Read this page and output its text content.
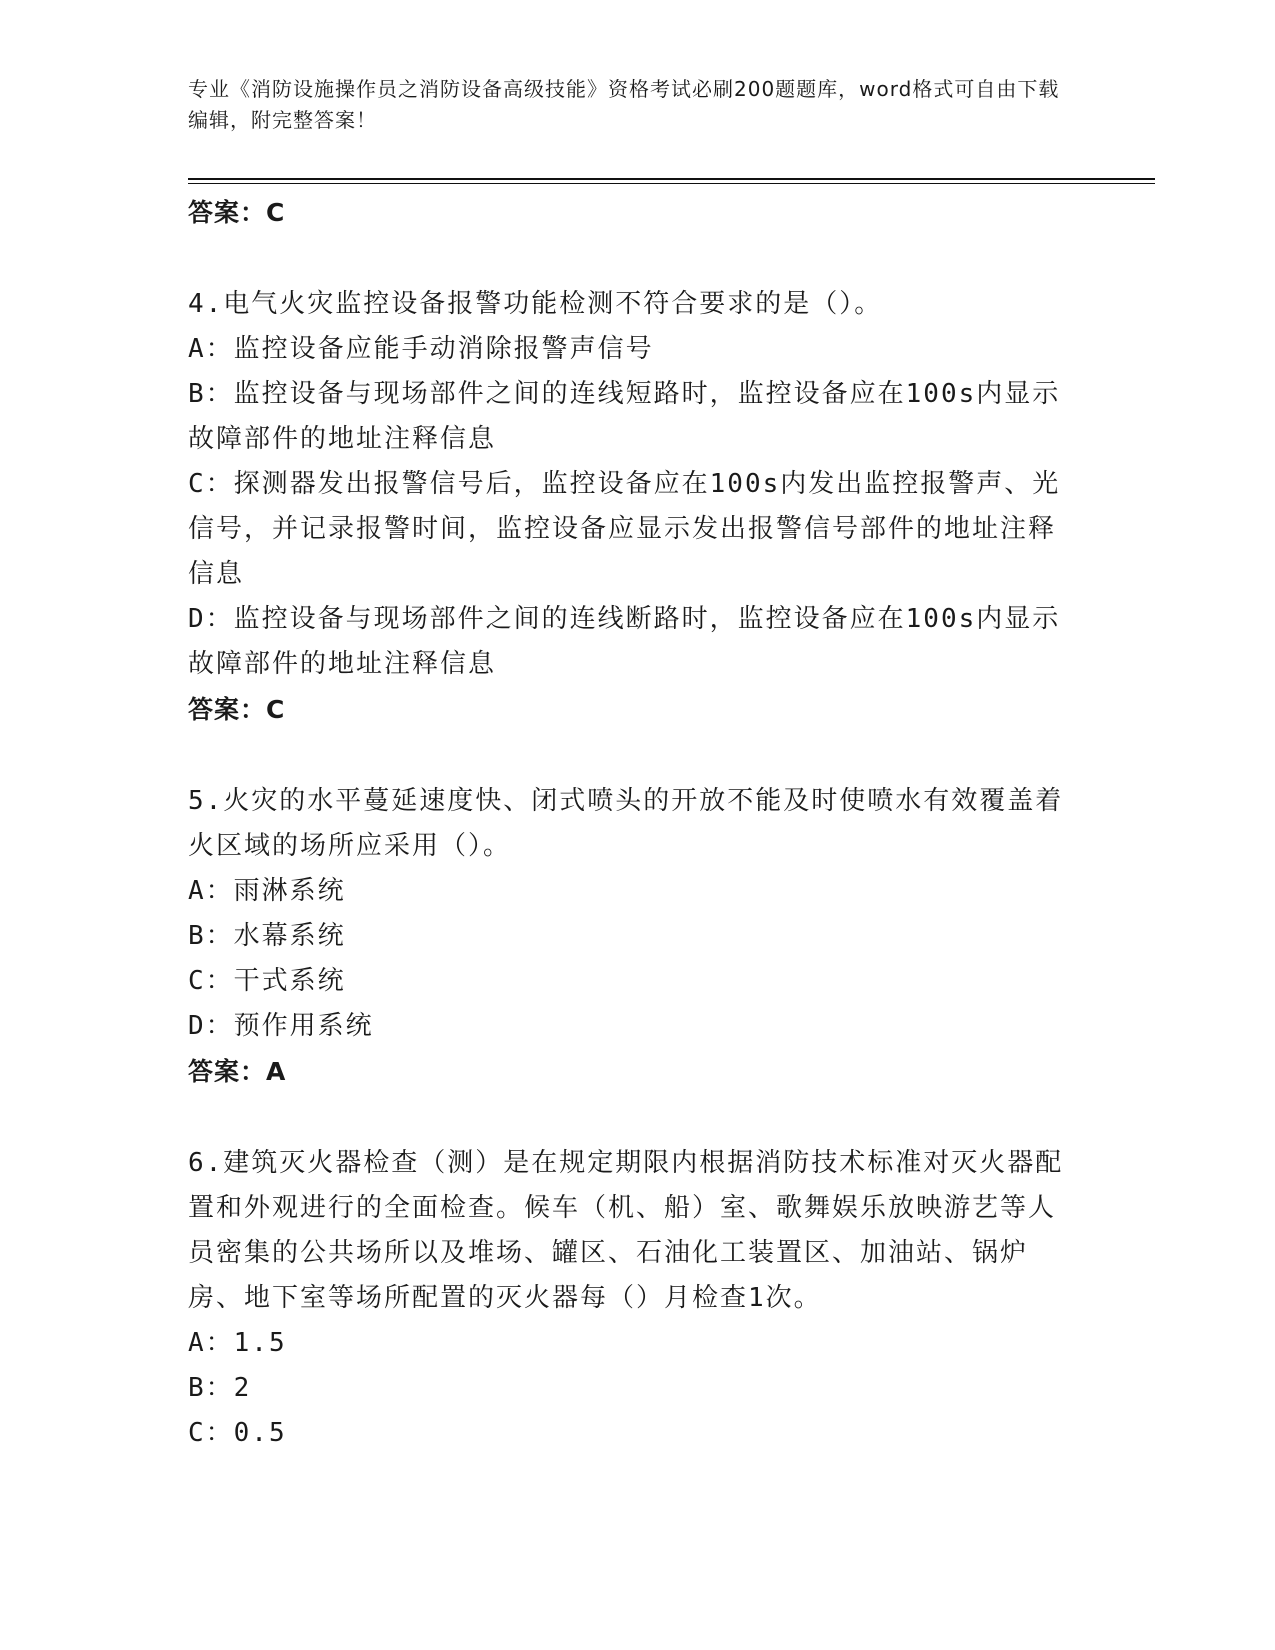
专业《消防设施操作员之消防设备高级技能》资格考试必刷200题题库，word格式可自由下载编辑，附完整答案！
答案：C
4.电气火灾监控设备报警功能检测不符合要求的是（）。
A：监控设备应能手动消除报警声信号
B：监控设备与现场部件之间的连线短路时，监控设备应在100s内显示故障部件的地址注释信息
C：探测器发出报警信号后，监控设备应在100s内发出监控报警声、光信号，并记录报警时间，监控设备应显示发出报警信号部件的地址注释信息
D：监控设备与现场部件之间的连线断路时，监控设备应在100s内显示故障部件的地址注释信息
答案：C
5.火灾的水平蔓延速度快、闭式喷头的开放不能及时使喷水有效覆盖着火区域的场所应采用（）。
A：雨淋系统
B：水幕系统
C：干式系统
D：预作用系统
答案：A
6.建筑灭火器检查（测）是在规定期限内根据消防技术标准对灭火器配置和外观进行的全面检查。候车（机、船）室、歌舞娱乐放映游艺等人员密集的公共场所以及堆场、罐区、石油化工装置区、加油站、锅炉房、地下室等场所配置的灭火器每（）月检查1次。
A：1.5
B：2
C：0.5
